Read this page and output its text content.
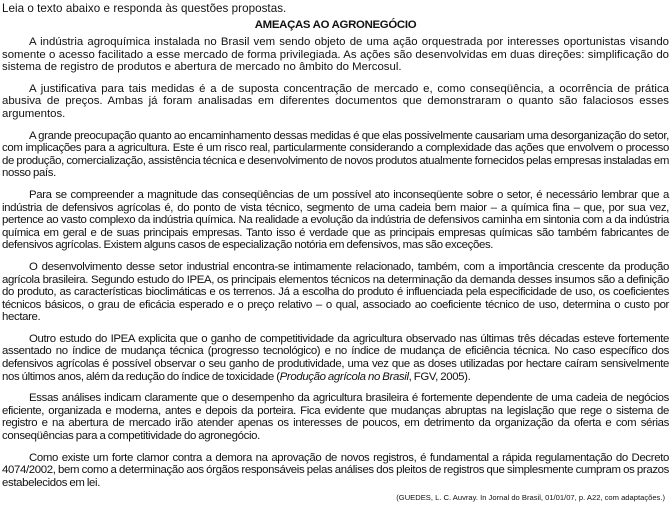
Leia o texto abaixo e responda às questões propostas.
AMEAÇAS AO AGRONEGÓCIO

A indústria agroquímica instalada no Brasil vem sendo objeto de uma ação orquestrada por interesses oportunistas visando somente o acesso facilitado a esse mercado de forma privilegiada. As ações são desenvolvidas em duas direções: simplificação do sistema de registro de produtos e abertura de mercado no âmbito do Mercosul.

A justificativa para tais medidas é a de suposta concentração de mercado e, como conseqüência, a ocorrência de prática abusiva de preços. Ambas já foram analisadas em diferentes documentos que demonstraram o quanto são falaciosos esses argumentos.

A grande preocupação quanto ao encaminhamento dessas medidas é que elas possivelmente causariam uma desorganização do setor, com implicações para a agricultura. Este é um risco real, particularmente considerando a complexidade das ações que envolvem o processo de produção, comercialização, assistência técnica e desenvolvimento de novos produtos atualmente fornecidos pelas empresas instaladas em nosso país.

Para se compreender a magnitude das conseqüências de um possível ato inconseqüente sobre o setor, é necessário lembrar que a indústria de defensivos agrícolas é, do ponto de vista técnico, segmento de uma cadeia bem maior – a química fina – que, por sua vez, pertence ao vasto complexo da indústria química. Na realidade a evolução da indústria de defensivos caminha em sintonia com a da indústria química em geral e de suas principais empresas. Tanto isso é verdade que as principais empresas químicas são também fabricantes de defensivos agrícolas. Existem alguns casos de especialização notória em defensivos, mas são exceções.

O desenvolvimento desse setor industrial encontra-se intimamente relacionado, também, com a importância crescente da produção agrícola brasileira. Segundo estudo do IPEA, os principais elementos técnicos na determinação da demanda desses insumos são a definição do produto, as características bioclimáticas e os terrenos. Já a escolha do produto é influenciada pela especificidade de uso, os coeficientes técnicos básicos, o grau de eficácia esperado e o preço relativo – o qual, associado ao coeficiente técnico de uso, determina o custo por hectare.

Outro estudo do IPEA explicita que o ganho de competitividade da agricultura observado nas últimas três décadas esteve fortemente assentado no índice de mudança técnica (progresso tecnológico) e no índice de mudança de eficiência técnica. No caso específico dos defensivos agrícolas é possível observar o seu ganho de produtividade, uma vez que as doses utilizadas por hectare caíram sensivelmente nos últimos anos, além da redução do índice de toxicidade (Produção agrícola no Brasil, FGV, 2005).

Essas análises indicam claramente que o desempenho da agricultura brasileira é fortemente dependente de uma cadeia de negócios eficiente, organizada e moderna, antes e depois da porteira. Fica evidente que mudanças abruptas na legislação que rege o sistema de registro e na abertura de mercado irão atender apenas os interesses de poucos, em detrimento da organização da oferta e com sérias conseqüências para a competitividade do agronegócio.

Como existe um forte clamor contra a demora na aprovação de novos registros, é fundamental a rápida regulamentação do Decreto 4074/2002, bem como a determinação aos órgãos responsáveis pelas análises dos pleitos de registros que simplesmente cumpram os prazos estabelecidos em lei.

(GUEDES, L. C. Auvray. In Jornal do Brasil, 01/01/07, p. A22, com adaptações.)
